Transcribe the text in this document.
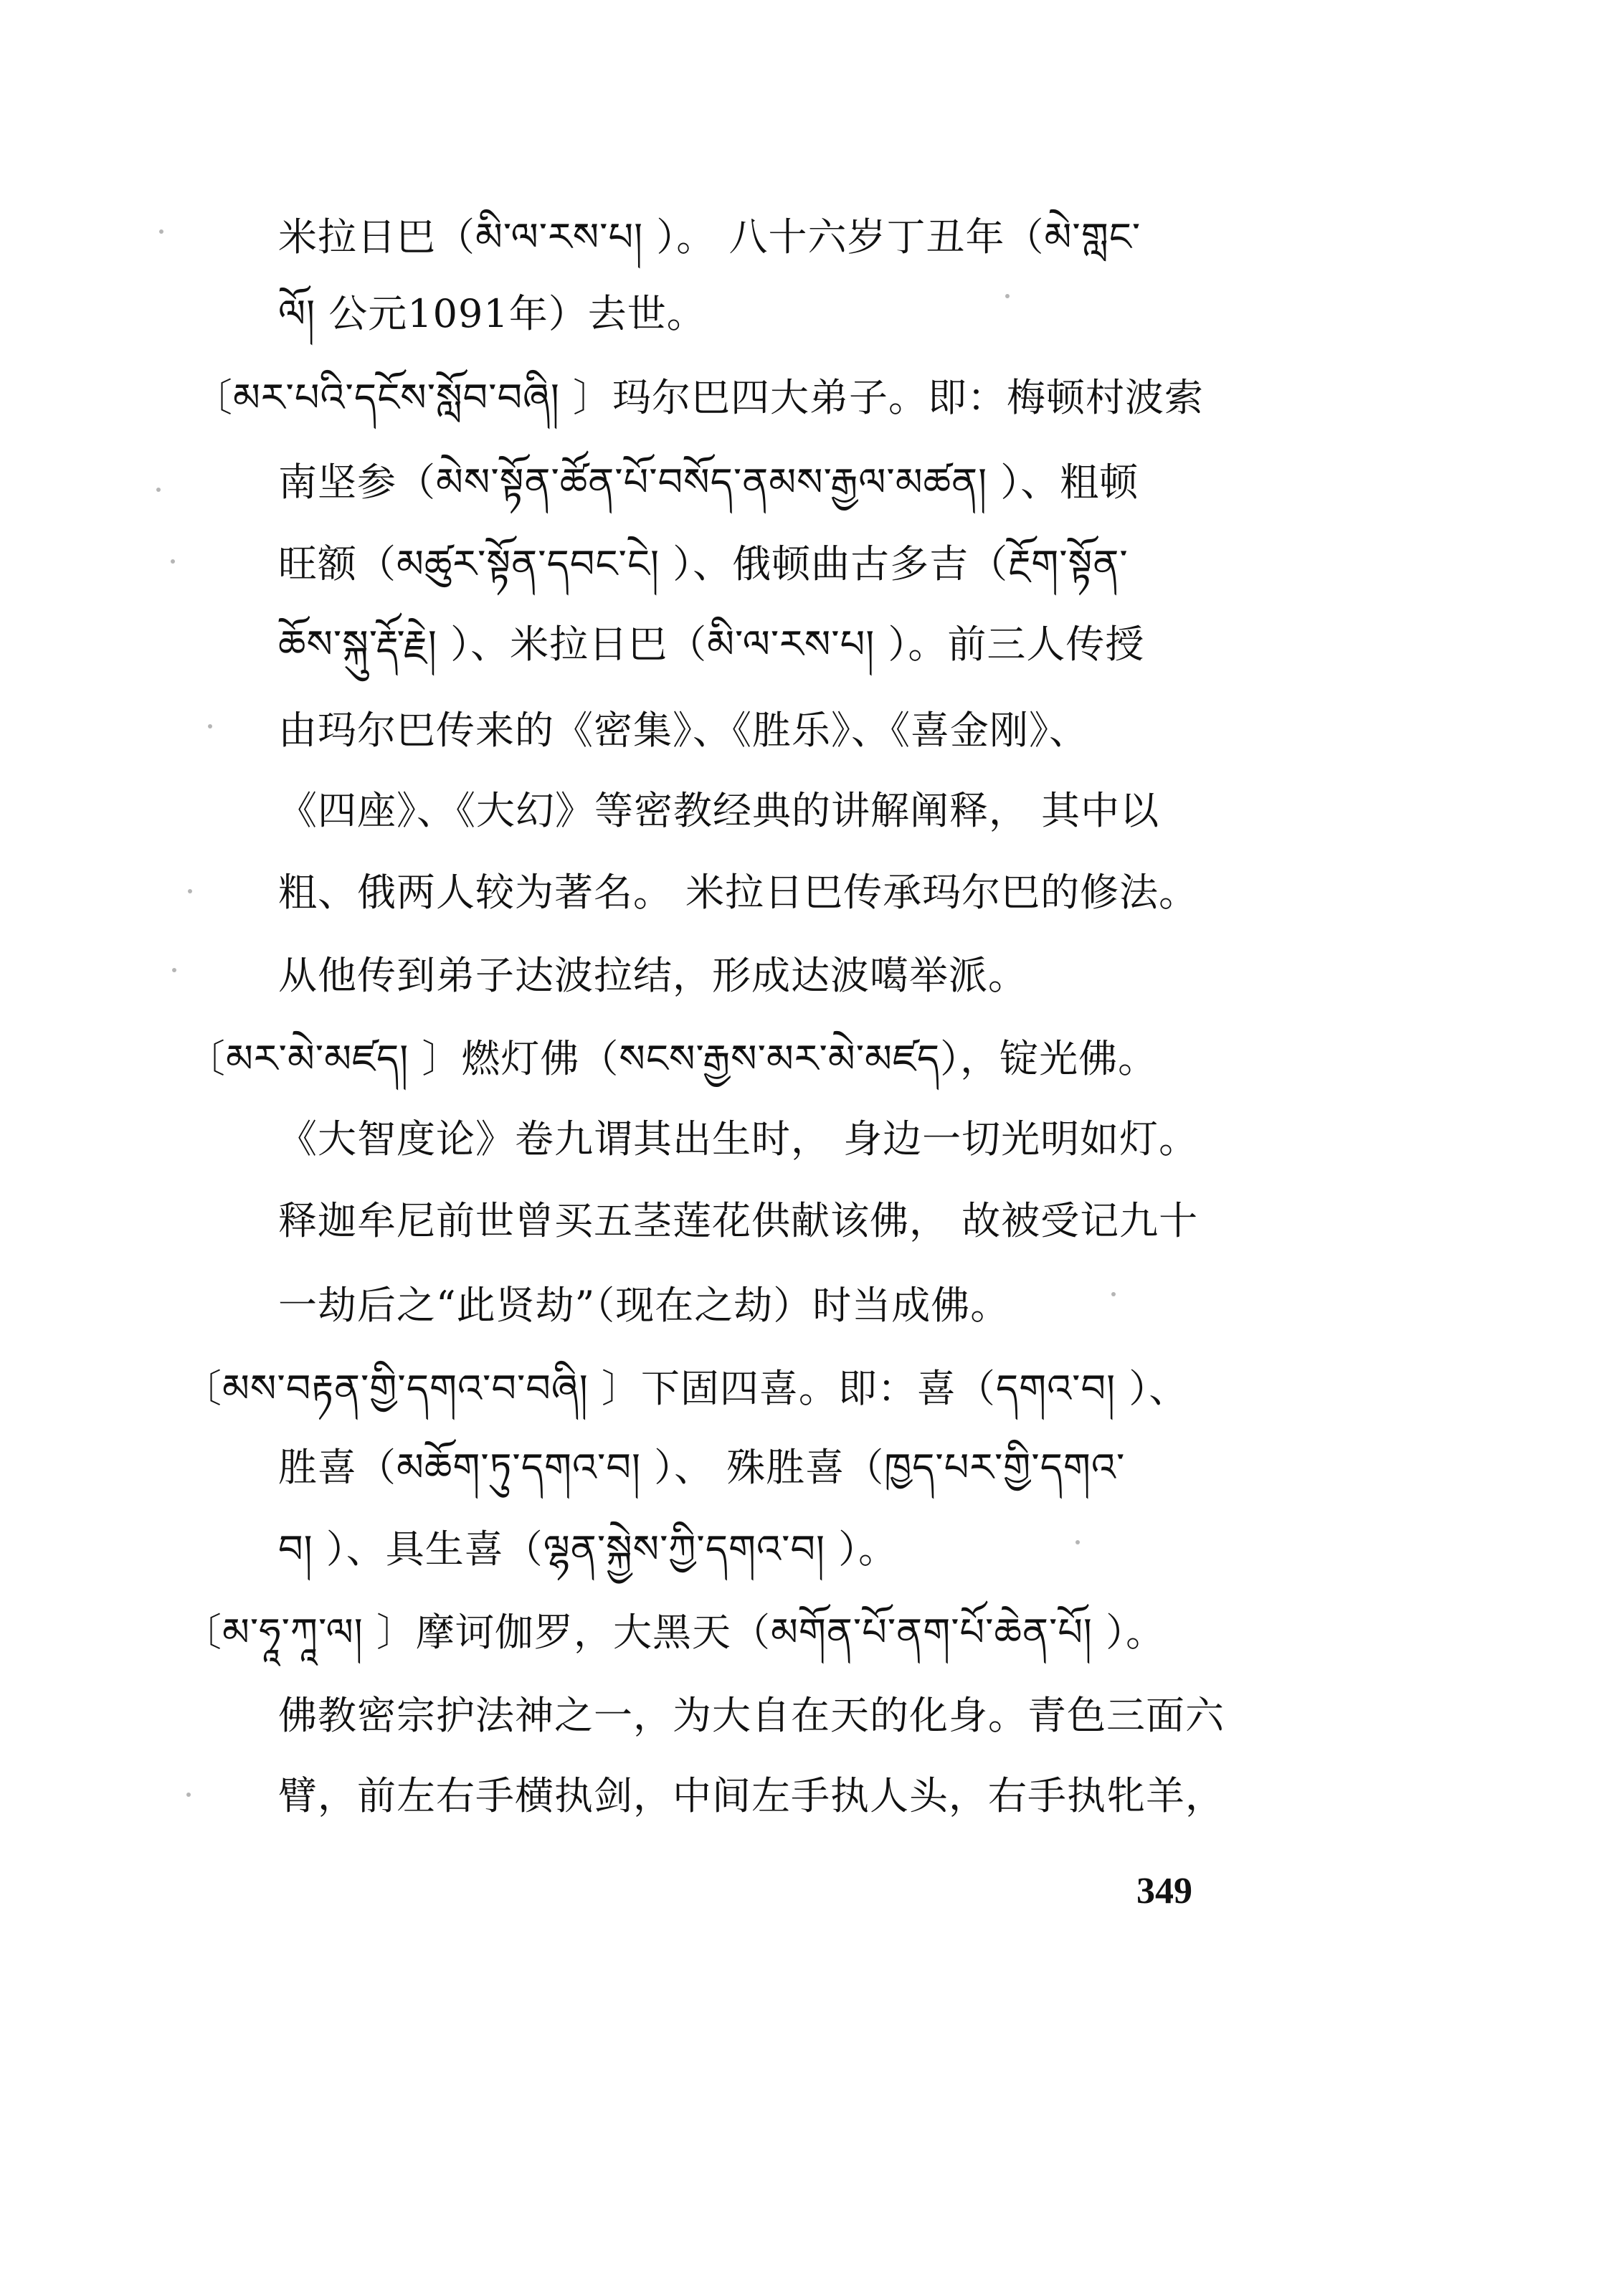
米拉日巴（མི་ལ་རས་པ། ）。 八十六岁丁丑年（མེ་གླང་
ལོ། 公元1091年）去世。
〔མར་པའི་དངོས་སློབ་བཞི། 〕玛尔巴四大弟子。即：梅顿村波索
南坚参（མེས་སྟོན་ཚོན་པོ་བསོད་ནམས་རྒྱལ་མཚན། ）、粗顿
旺额（མཚུར་སྟོན་དབང་ངེ། ）、俄顿曲古多吉（རྔོག་སྟོན་
ཆོས་སྐུ་རྡོ་རྗེ། ）、米拉日巴（མི་ལ་རས་པ། ）。前三人传授
由玛尔巴传来的《密集》、《胜乐》、《喜金刚》、
《四座》、《大幻》等密教经典的讲解阐释， 其中以
粗、俄两人较为著名。 米拉日巴传承玛尔巴的修法。
从他传到弟子达波拉结，形成达波噶举派。
〔མར་མེ་མཛད། 〕燃灯佛（སངས་རྒྱས་མར་མེ་མཛད），锭光佛。
《大智度论》卷九谓其出生时， 身边一切光明如灯。
释迦牟尼前世曾买五茎莲花供献该佛， 故被受记九十
一劫后之“此贤劫”（现在之劫）时当成佛。
〔མས་བརྟན་གྱི་དགའ་བ་བཞི། 〕下固四喜。即：喜（དགའ་བ། ）、
胜喜（མཆོག་ཏུ་དགའ་བ། ）、 殊胜喜（ཁྱད་པར་གྱི་དགའ་
བ། ）、具生喜（ལྷན་སྐྱེས་ཀྱི་དགའ་བ། ）。
〔མ་ཧཱ་ཀཱ་ལ། 〕摩诃伽罗，大黑天（མགོན་པོ་ནག་པོ་ཆེན་པོ། ）。
佛教密宗护法神之一，为大自在天的化身。青色三面六
臂，前左右手横执剑，中间左手执人头，右手执牝羊，
349
